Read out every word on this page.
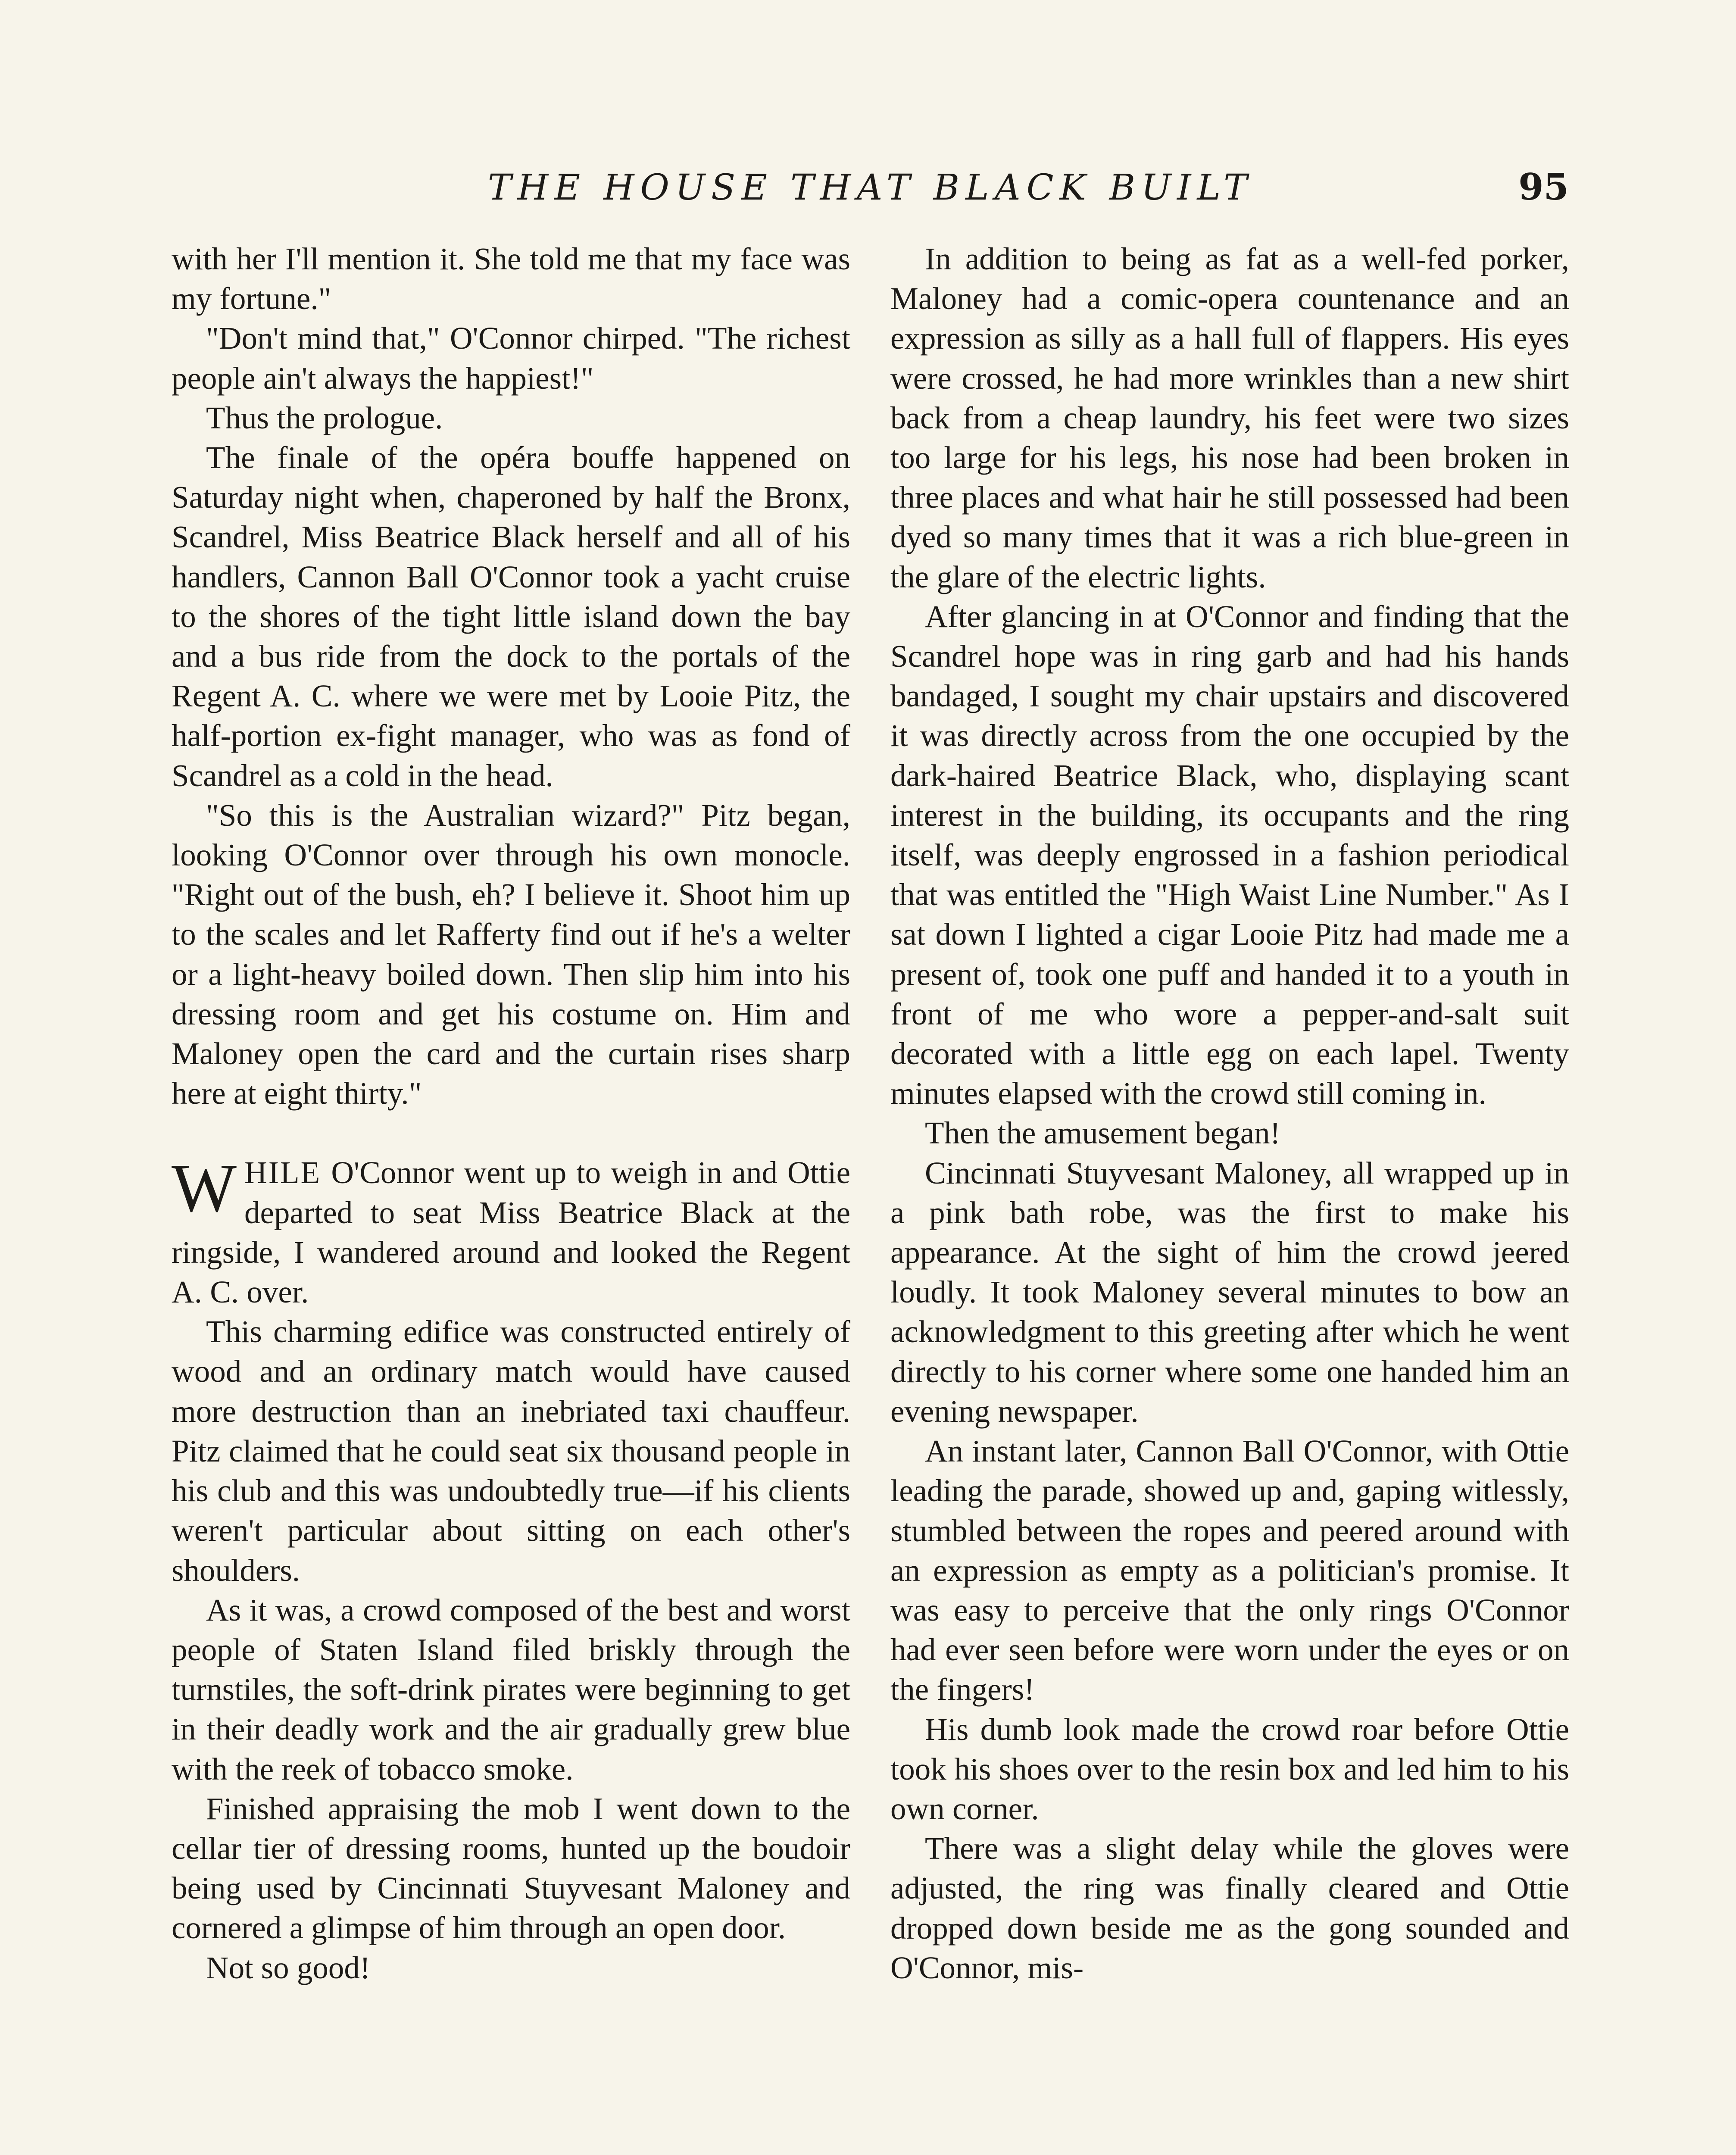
THE HOUSE THAT BLACK BUILT	95

with her I'll mention it. She told me that my face was my fortune."

"Don't mind that," O'Connor chirped. "The richest people ain't always the happiest!"

Thus the prologue.

The finale of the opéra bouffe happened on Saturday night when, chaperoned by half the Bronx, Scandrel, Miss Beatrice Black herself and all of his handlers, Cannon Ball O'Connor took a yacht cruise to the shores of the tight little island down the bay and a bus ride from the dock to the portals of the Regent A. C. where we were met by Looie Pitz, the half-portion ex-fight manager, who was as fond of Scandrel as a cold in the head.

"So this is the Australian wizard?" Pitz began, looking O'Connor over through his own monocle. "Right out of the bush, eh? I believe it. Shoot him up to the scales and let Rafferty find out if he's a welter or a light-heavy boiled down. Then slip him into his dressing room and get his costume on. Him and Maloney open the card and the curtain rises sharp here at eight thirty."

WHILE O'Connor went up to weigh in and Ottie departed to seat Miss Beatrice Black at the ringside, I wandered around and looked the Regent A. C. over.

This charming edifice was constructed entirely of wood and an ordinary match would have caused more destruction than an inebriated taxi chauffeur. Pitz claimed that he could seat six thousand people in his club and this was undoubtedly true—if his clients weren't particular about sitting on each other's shoulders.

As it was, a crowd composed of the best and worst people of Staten Island filed briskly through the turnstiles, the soft-drink pirates were beginning to get in their deadly work and the air gradually grew blue with the reek of tobacco smoke.

Finished appraising the mob I went down to the cellar tier of dressing rooms, hunted up the boudoir being used by Cincinnati Stuyvesant Maloney and cornered a glimpse of him through an open door.

Not so good!

In addition to being as fat as a well-fed porker, Maloney had a comic-opera countenance and an expression as silly as a hall full of flappers. His eyes were crossed, he had more wrinkles than a new shirt back from a cheap laundry, his feet were two sizes too large for his legs, his nose had been broken in three places and what hair he still possessed had been dyed so many times that it was a rich blue-green in the glare of the electric lights.

After glancing in at O'Connor and finding that the Scandrel hope was in ring garb and had his hands bandaged, I sought my chair upstairs and discovered it was directly across from the one occupied by the dark-haired Beatrice Black, who, displaying scant interest in the building, its occupants and the ring itself, was deeply engrossed in a fashion periodical that was entitled the "High Waist Line Number." As I sat down I lighted a cigar Looie Pitz had made me a present of, took one puff and handed it to a youth in front of me who wore a pepper-and-salt suit decorated with a little egg on each lapel. Twenty minutes elapsed with the crowd still coming in.

Then the amusement began!

Cincinnati Stuyvesant Maloney, all wrapped up in a pink bath robe, was the first to make his appearance. At the sight of him the crowd jeered loudly. It took Maloney several minutes to bow an acknowledgment to this greeting after which he went directly to his corner where some one handed him an evening newspaper.

An instant later, Cannon Ball O'Connor, with Ottie leading the parade, showed up and, gaping witlessly, stumbled between the ropes and peered around with an expression as empty as a politician's promise. It was easy to perceive that the only rings O'Connor had ever seen before were worn under the eyes or on the fingers!

His dumb look made the crowd roar before Ottie took his shoes over to the resin box and led him to his own corner.

There was a slight delay while the gloves were adjusted, the ring was finally cleared and Ottie dropped down beside me as the gong sounded and O'Connor, mis-
